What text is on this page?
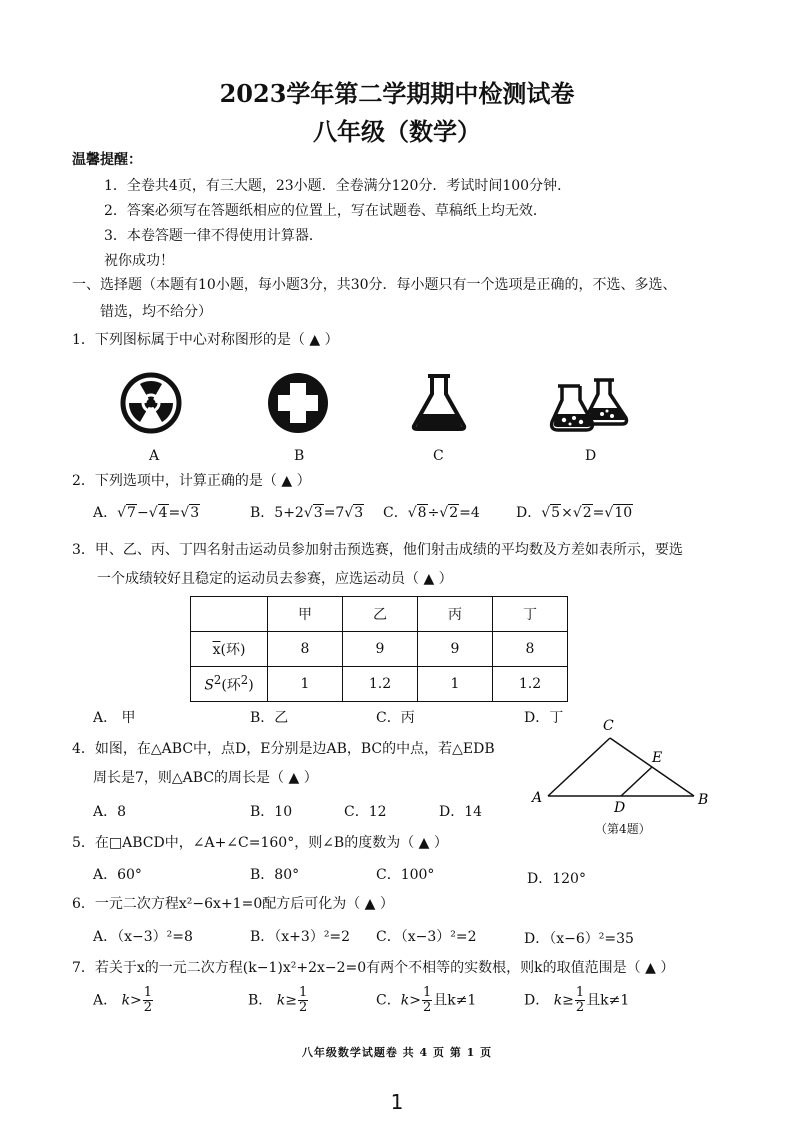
2023学年第二学期期中检测试卷
八年级（数学）
温馨提醒：
1．全卷共4页，有三大题，23小题．全卷满分120分．考试时间100分钟．
2．答案必须写在答题纸相应的位置上，写在试题卷、草稿纸上均无效．
3．本卷答题一律不得使用计算器．
祝你成功！
一、选择题（本题有10小题，每小题3分，共30分．每小题只有一个选项是正确的，不选、多选、
错选，均不给分）
1．下列图标属于中心对称图形的是（ ▲ ）
A	B	C	D
2．下列选项中，计算正确的是（ ▲ ）
A．√7−√4=√3	B．5+2√3=7√3 C．√8÷√2=4	D．√5×√2=√10
3．甲、乙、丙、丁四名射击运动员参加射击预选赛，他们射击成绩的平均数及方差如表所示，要选
一个成绩较好且稳定的运动员去参赛，应选运动员（ ▲ ）
	甲	乙	丙	丁
$\overline{x}$(环)	8	9	9	8
$S^2$(环$^2$)	1	1.2	1	1.2
A． 甲	B．乙	C．丙	D．丁
4．如图，在△ABC中，点D，E分别是边AB，BC的中点，若△EDB
周长是7，则△ABC的周长是（ ▲ ）
A．8	B．10	C．12	D．14
A	B
C
D
E
（第4题）
5．在□ABCD中，∠A+∠C=160°，则∠B的度数为（ ▲ ）
A．60°	B．80°	C．100°	D．120°
6．一元二次方程x²−6x+1=0配方后可化为（ ▲ ）
A．（x−3）²=8	B．（x+3）²=2 C．（x−3）²=2	D．（x−6）²=35
7．若关于x的一元二次方程(k−1)x²+2x−2=0有两个不相等的实数根，则k的取值范围是（ ▲ ）
A． $k> \frac{1}{2}$	B． $k\ge \frac{1}{2}$	C．$k> \frac{1}{2}$ 且k≠1	D． $k\ge \frac{1}{2}$ 且k≠1
八年级数学试题卷 共 4 页 第 1 页
1
